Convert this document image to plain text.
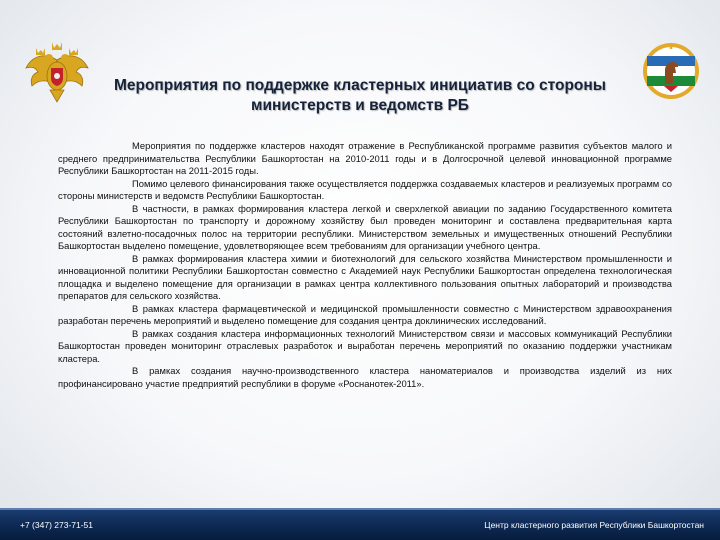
Мероприятия по поддержке кластерных инициатив со стороны министерств и ведомств РБ

Мероприятия по поддержке кластеров находят отражение в Республиканской программе развития субъектов малого и среднего предпринимательства Республики Башкортостан на 2010-2011 годы и в Долгосрочной целевой инновационной программе Республики Башкортостан на 2011-2015 годы.

Помимо целевого финансирования также осуществляется поддержка создаваемых кластеров и реализуемых программ со стороны министерств и ведомств Республики Башкортостан.

В частности, в рамках формирования кластера легкой и сверхлегкой авиации по заданию Государственного комитета Республики Башкортостан по транспорту и дорожному хозяйству был проведен мониторинг и составлена предварительная карта состояний взлетно-посадочных полос на территории республики. Министерством земельных и имущественных отношений Республики Башкортостан выделено помещение, удовлетворяющее всем требованиям для организации учебного центра.

В рамках формирования кластера химии и биотехнологий для сельского хозяйства Министерством промышленности и инновационной политики Республики Башкортостан совместно с Академией наук Республики Башкортостан определена технологическая площадка и выделено помещение для организации в рамках центра коллективного пользования опытных лабораторий и производства препаратов для сельского хозяйства.

В рамках кластера фармацевтической и медицинской промышленности совместно с Министерством здравоохранения разработан перечень мероприятий и выделено помещение для создания центра доклинических исследований.

В рамках создания кластера информационных технологий Министерством связи и массовых коммуникаций Республики Башкортостан проведен мониторинг отраслевых разработок и выработан перечень мероприятий по оказанию поддержки участникам кластера.

В рамках создания научно-производственного кластера наноматериалов и производства изделий из них профинансировано участие предприятий республики в форуме «Роснанотек-2011».

+7 (347) 273-71-51	Центр кластерного развития Республики Башкортостан
